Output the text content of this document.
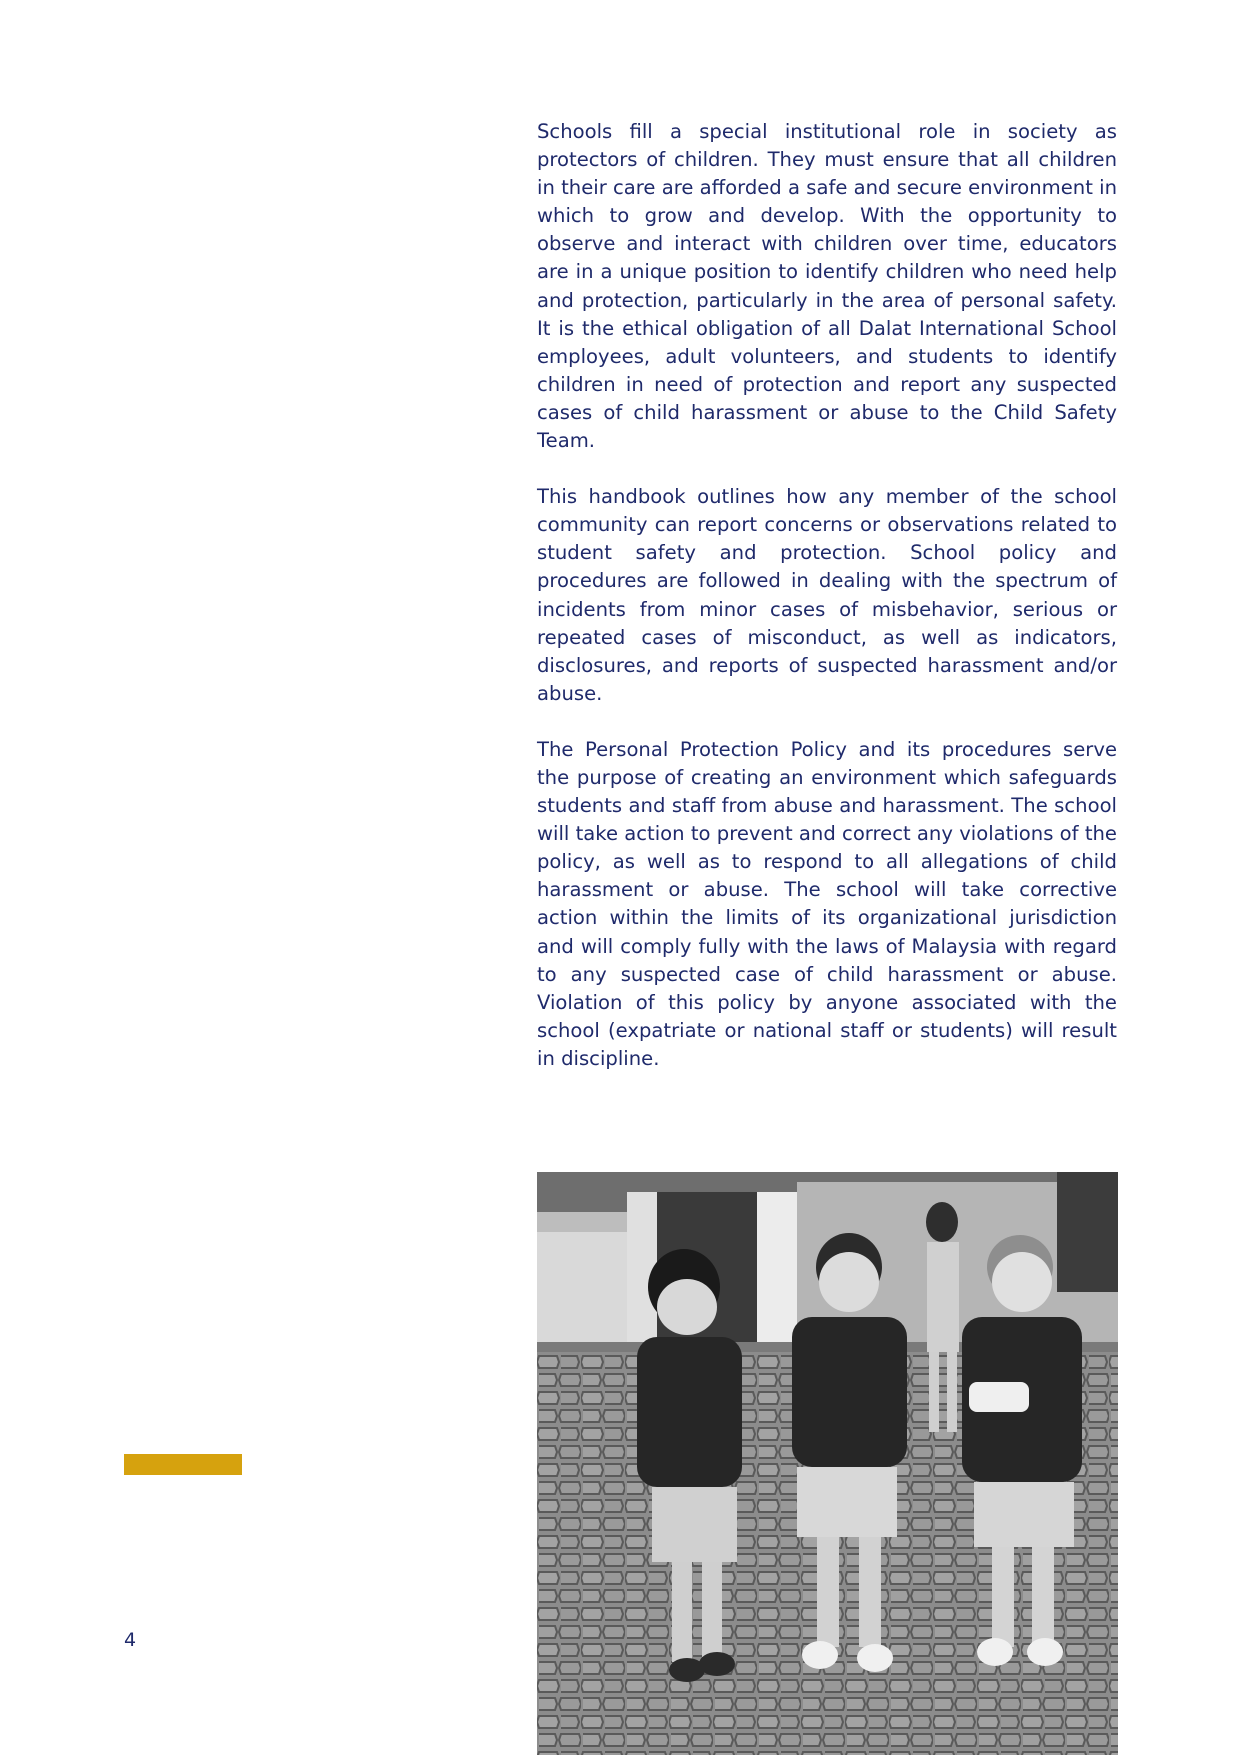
Schools fill a special institutional role in society as protectors of children. They must ensure that all children in their care are afforded a safe and secure environment in which to grow and develop. With the opportunity to observe and interact with children over time, educators are in a unique position to identify children who need help and protection, particularly in the area of personal safety. It is the ethical obligation of all Dalat International School employees, adult volunteers, and students to identify children in need of protection and report any suspected cases of child harassment or abuse to the Child Safety Team.

This handbook outlines how any member of the school community can report concerns or observations related to student safety and protection. School policy and procedures are followed in dealing with the spectrum of incidents from minor cases of misbehavior, serious or repeated cases of misconduct, as well as indicators, disclosures, and reports of suspected harassment and/or abuse.

The Personal Protection Policy and its procedures serve the purpose of creating an environment which safeguards students and staff from abuse and harassment. The school will take action to prevent and correct any violations of the policy, as well as to respond to all allegations of child harassment or abuse. The school will take corrective action within the limits of its organizational jurisdiction and will comply fully with the laws of Malaysia with regard to any suspected case of child harassment or abuse. Violation of this policy by anyone associated with the school (expatriate or national staff or students) will result in discipline.

4
